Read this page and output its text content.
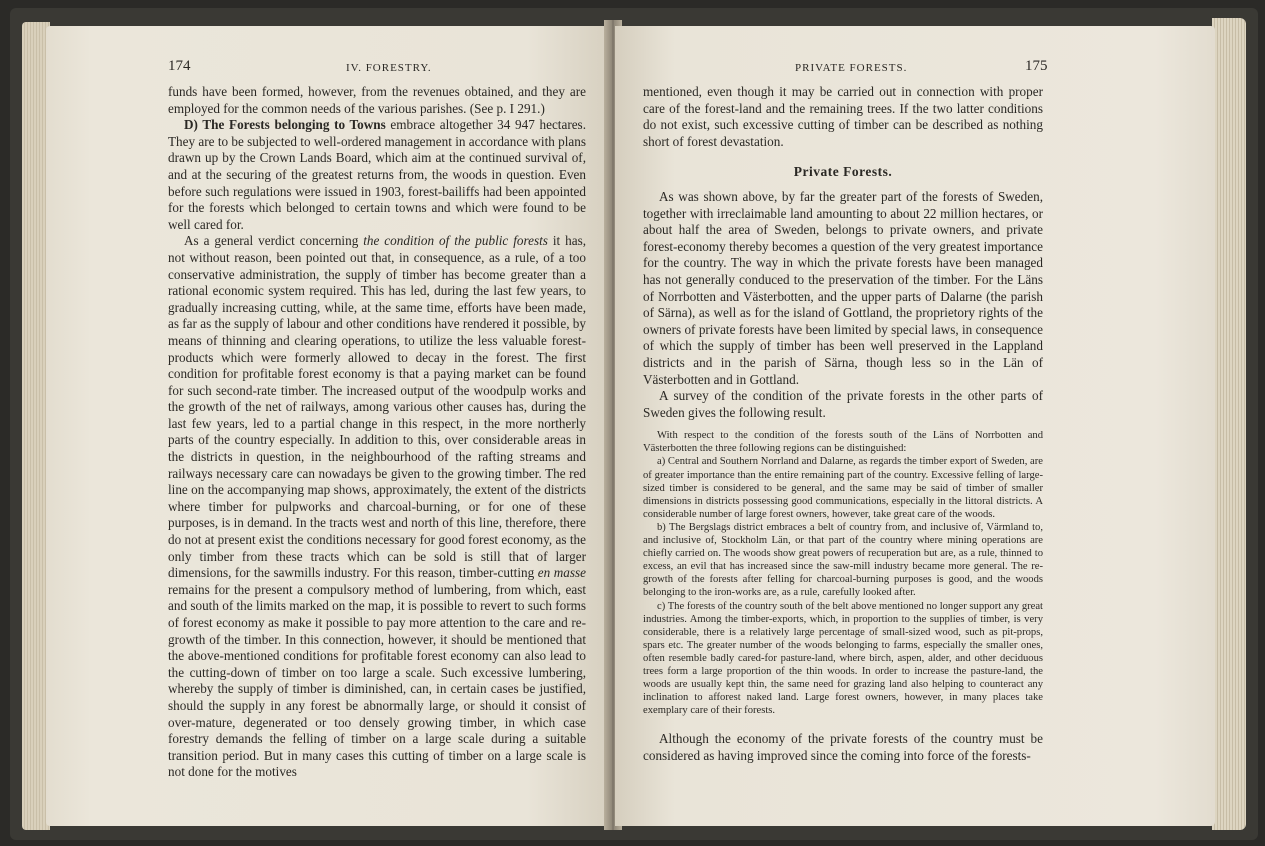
174	IV. FORESTRY.

funds have been formed, however, from the revenues obtained, and they are employed for the common needs of the various parishes. (See p. I 291.)

D) The Forests belonging to Towns embrace altogether 34 947 hectares. They are to be subjected to well-ordered management in accordance with plans drawn up by the Crown Lands Board, which aim at the continued survival of, and at the securing of the greatest returns from, the woods in question. Even before such regulations were issued in 1903, forest-bailiffs had been appointed for the forests which belonged to certain towns and which were found to be well cared for.

As a general verdict concerning the condition of the public forests it has, not without reason, been pointed out that, in consequence, as a rule, of a too conservative administration, the supply of timber has become greater than a rational economic system required. This has led, during the last few years, to gradually increasing cutting, while, at the same time, efforts have been made, as far as the supply of labour and other conditions have rendered it possible, by means of thinning and clearing operations, to utilize the less valuable forest-products which were formerly allowed to decay in the forest. The first condition for profitable forest economy is that a paying market can be found for such second-rate timber. The increased output of the woodpulp works and the growth of the net of railways, among various other causes has, during the last few years, led to a partial change in this respect, in the more northerly parts of the country especially. In addition to this, over considerable areas in the districts in question, in the neighbourhood of the rafting streams and railways necessary care can nowadays be given to the growing timber. The red line on the accompanying map shows, approximately, the extent of the districts where timber for pulpworks and charcoal-burning, or for one of these purposes, is in demand. In the tracts west and north of this line, therefore, there do not at present exist the conditions necessary for good forest economy, as the only timber from these tracts which can be sold is still that of larger dimensions, for the sawmills industry. For this reason, timber-cutting en masse remains for the present a compulsory method of lumbering, from which, east and south of the limits marked on the map, it is possible to revert to such forms of forest economy as make it possible to pay more attention to the care and re-growth of the timber. In this connection, however, it should be mentioned that the above-mentioned conditions for profitable forest economy can also lead to the cutting-down of timber on too large a scale. Such excessive lumbering, whereby the supply of timber is diminished, can, in certain cases be justified, should the supply in any forest be abnormally large, or should it consist of over-mature, degenerated or too densely growing timber, in which case forestry demands the felling of timber on a large scale during a suitable transition period. But in many cases this cutting of timber on a large scale is not done for the motives

PRIVATE FORESTS.	175

mentioned, even though it may be carried out in connection with proper care of the forest-land and the remaining trees. If the two latter conditions do not exist, such excessive cutting of timber can be described as nothing short of forest devastation.

Private Forests.

As was shown above, by far the greater part of the forests of Sweden, together with irreclaimable land amounting to about 22 million hectares, or about half the area of Sweden, belongs to private owners, and private forest-economy thereby becomes a question of the very greatest importance for the country. The way in which the private forests have been managed has not generally conduced to the preservation of the timber. For the Läns of Norrbotten and Västerbotten, and the upper parts of Dalarne (the parish of Särna), as well as for the island of Gottland, the proprietory rights of the owners of private forests have been limited by special laws, in consequence of which the supply of timber has been well preserved in the Lappland districts and in the parish of Särna, though less so in the Län of Västerbotten and in Gottland.

A survey of the condition of the private forests in the other parts of Sweden gives the following result.

With respect to the condition of the forests south of the Läns of Norrbotten and Västerbotten the three following regions can be distinguished:

a) Central and Southern Norrland and Dalarne, as regards the timber export of Sweden, are of greater importance than the entire remaining part of the country. Excessive felling of large-sized timber is considered to be general, and the same may be said of timber of smaller dimensions in districts possessing good communications, especially in the littoral districts. A considerable number of large forest owners, however, take great care of the woods.

b) The Bergslags district embraces a belt of country from, and inclusive of, Värmland to, and inclusive of, Stockholm Län, or that part of the country where mining operations are chiefly carried on. The woods show great powers of recuperation but are, as a rule, thinned to excess, an evil that has increased since the saw-mill industry became more general. The re-growth of the forests after felling for charcoal-burning purposes is good, and the woods belonging to the iron-works are, as a rule, carefully looked after.

c) The forests of the country south of the belt above mentioned no longer support any great industries. Among the timber-exports, which, in proportion to the supplies of timber, is very considerable, there is a relatively large percentage of small-sized wood, such as pit-props, spars etc. The greater number of the woods belonging to farms, especially the smaller ones, often resemble badly cared-for pasture-land, where birch, aspen, alder, and other deciduous trees form a large proportion of the thin woods. In order to increase the pasture-land, the woods are usually kept thin, the same need for grazing land also helping to counteract any inclination to afforest naked land. Large forest owners, however, in many places take exemplary care of their forests.

Although the economy of the private forests of the country must be considered as having improved since the coming into force of the forests-
